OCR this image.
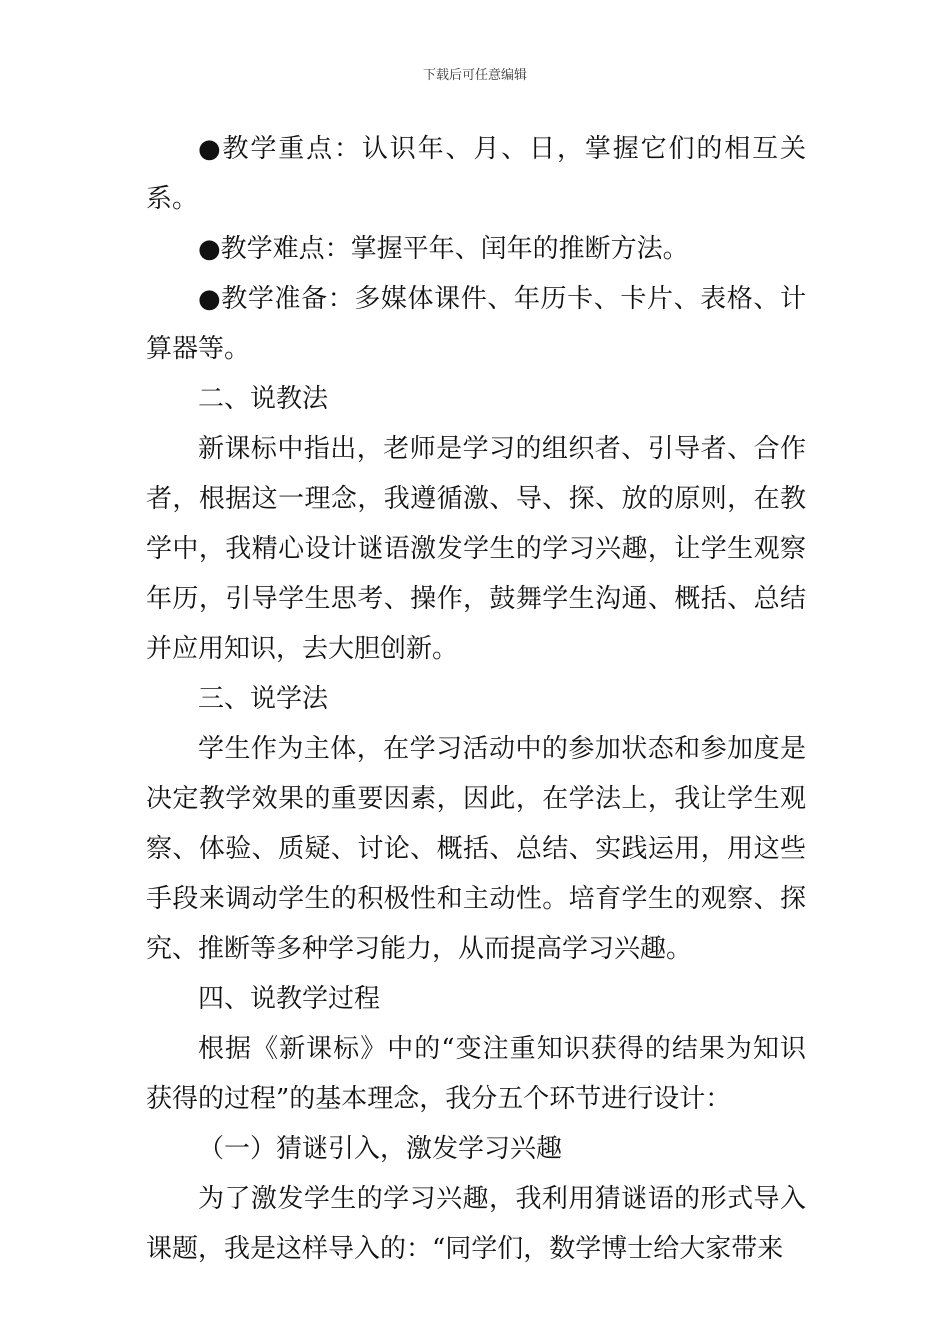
下载后可任意编辑

●教学重点：认识年、月、日，掌握它们的相互关系。

●教学难点：掌握平年、闰年的推断方法。

●教学准备：多媒体课件、年历卡、卡片、表格、计算器等。

二、说教法

新课标中指出，老师是学习的组织者、引导者、合作者，根据这一理念，我遵循激、导、探、放的原则，在教学中，我精心设计谜语激发学生的学习兴趣，让学生观察年历，引导学生思考、操作，鼓舞学生沟通、概括、总结并应用知识，去大胆创新。

三、说学法

学生作为主体，在学习活动中的参加状态和参加度是决定教学效果的重要因素，因此，在学法上，我让学生观察、体验、质疑、讨论、概括、总结、实践运用，用这些手段来调动学生的积极性和主动性。培育学生的观察、探究、推断等多种学习能力，从而提高学习兴趣。

四、说教学过程

根据《新课标》中的“变注重知识获得的结果为知识获得的过程”的基本理念，我分五个环节进行设计：

（一）猜谜引入，激发学习兴趣

为了激发学生的学习兴趣，我利用猜谜语的形式导入课题，我是这样导入的：“同学们，数学博士给大家带来
